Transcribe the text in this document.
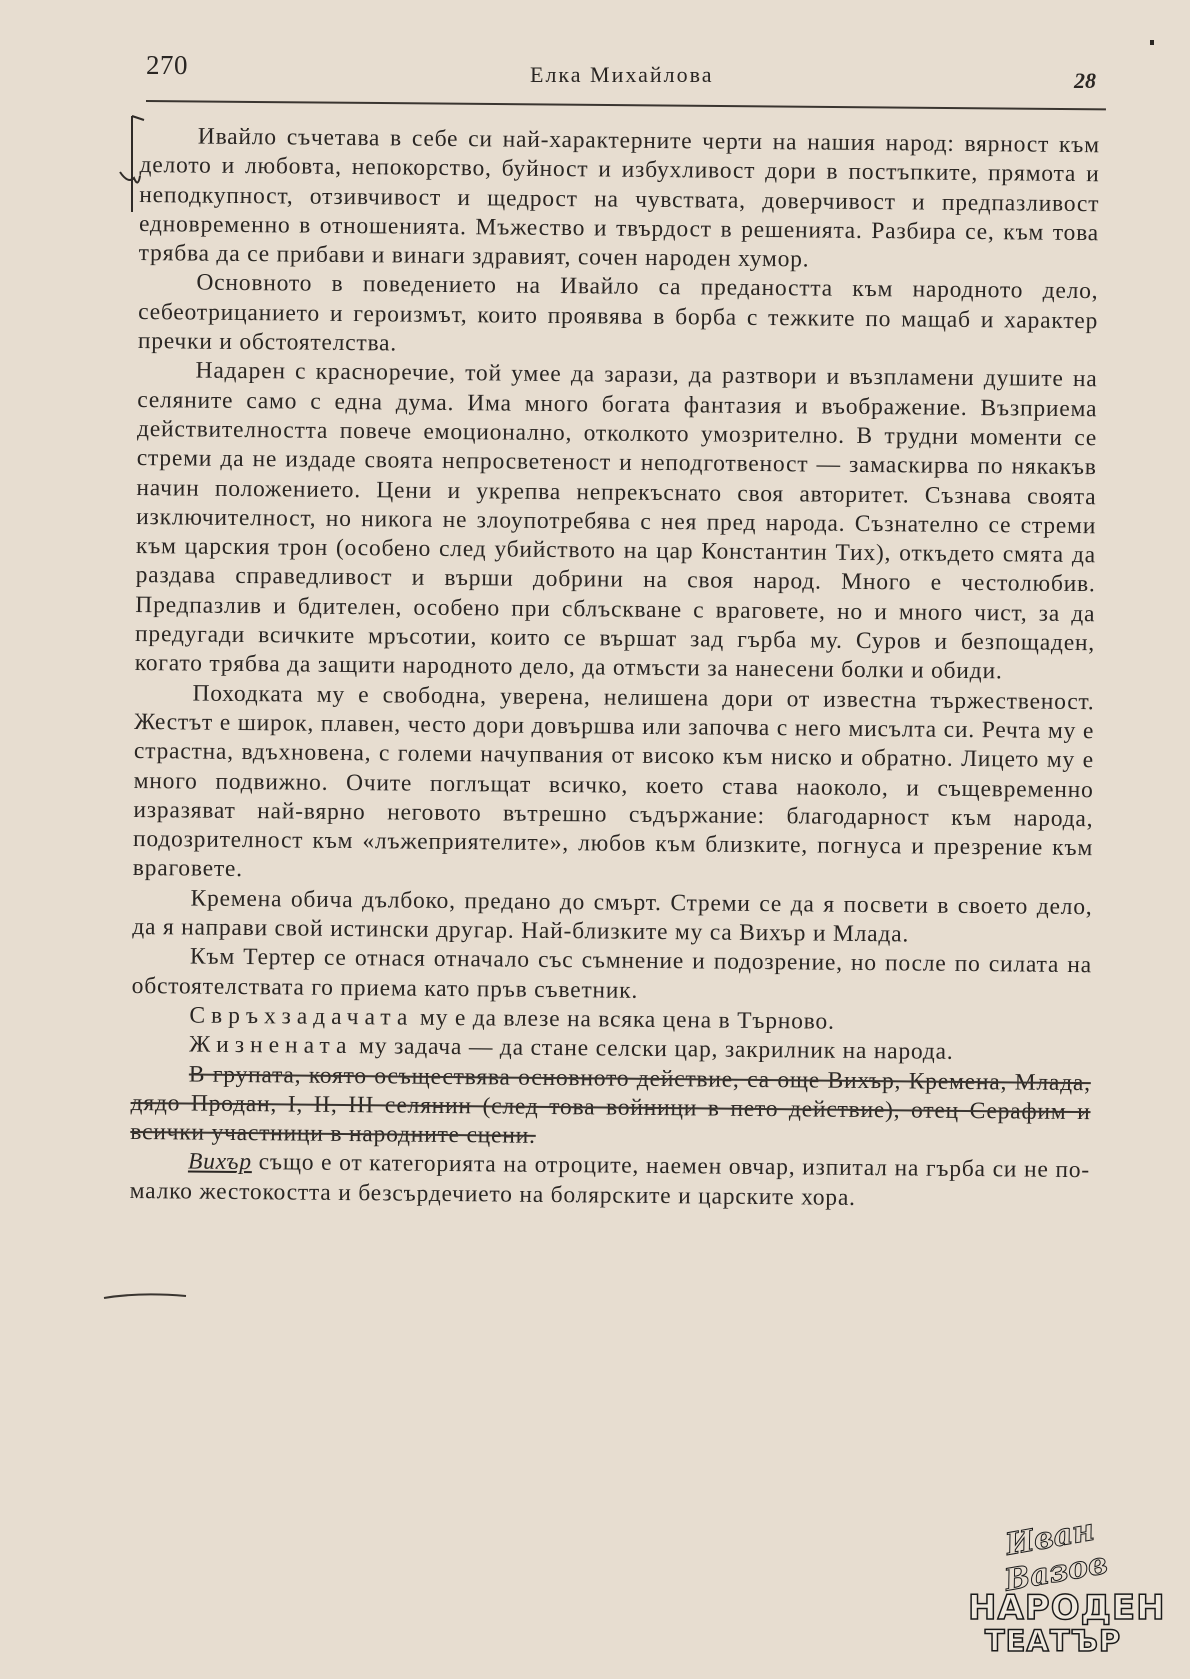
270	Елка Михайлова	28

Ивайло съчетава в себе си най-характерните черти на нашия народ: вярност към делото и любовта, непокорство, буйност и избухливост дори в постъпките, прямота и неподкупност, отзивчивост и щедрост на чувствата, доверчивост и предпазливост едновременно в отношенията. Мъжество и твърдост в решенията. Разбира се, към това трябва да се прибави и винаги здравият, сочен народен хумор.

Основното в поведението на Ивайло са предаността към народното дело, себеотрицанието и героизмът, които проявява в борба с тежките по мащаб и характер пречки и обстоятелства.

Надарен с красноречие, той умее да зарази, да разтвори и възпламени душите на селяните само с една дума. Има много богата фантазия и въображение. Възприема действителността повече емоционално, отколкото умозрително. В трудни моменти се стреми да не издаде своята непросветеност и неподготвеност — замаскирва по някакъв начин положението. Цени и укрепва непрекъснато своя авторитет. Съзнава своята изключителност, но никога не злоупотребява с нея пред народа. Съзнателно се стреми към царския трон (особено след убийството на цар Константин Тих), откъдето смята да раздава справедливост и върши добрини на своя народ. Много е честолюбив. Предпазлив и бдителен, особено при сблъскване с враговете, но и много чист, за да предугади всичките мръсотии, които се вършат зад гърба му. Суров и безпощаден, когато трябва да защити народното дело, да отмъсти за нанесени болки и обиди.

Походката му е свободна, уверена, нелишена дори от известна тържественост. Жестът е широк, плавен, често дори довършва или започва с него мисълта си. Речта му е страстна, вдъхновена, с големи начупвания от високо към ниско и обратно. Лицето му е много подвижно. Очите поглъщат всичко, което става наоколо, и същевременно изразяват най-вярно неговото вътрешно съдържание: благодарност към народа, подозрителност към «лъжеприятелите», любов към близките, погнуса и презрение към враговете.

Кремена обича дълбоко, предано до смърт. Стреми се да я посвети в своето дело, да я направи свой истински другар. Най-близките му са Вихър и Млада.

Към Тертер се отнася отначало със съмнение и подозрение, но после по силата на обстоятелствата го приема като пръв съветник.

Свръхзадачата му е да влезе на всяка цена в Търново.

Жизнената му задача — да стане селски цар, закрилник на народа.

В групата, която осъществява основното действие, са още Вихър, Кремена, Млада, дядо Продан, I, II, III селянин (след това войници в пето действие), отец Серафим и всички участници в народните сцени.

Вихър също е от категорията на отроците, наемен овчар, изпитал на гърба си не по-малко жестокостта и безсърдечието на болярските и царските хора.

Иван Вазов
НАРОДЕН
ТЕАТЪР
